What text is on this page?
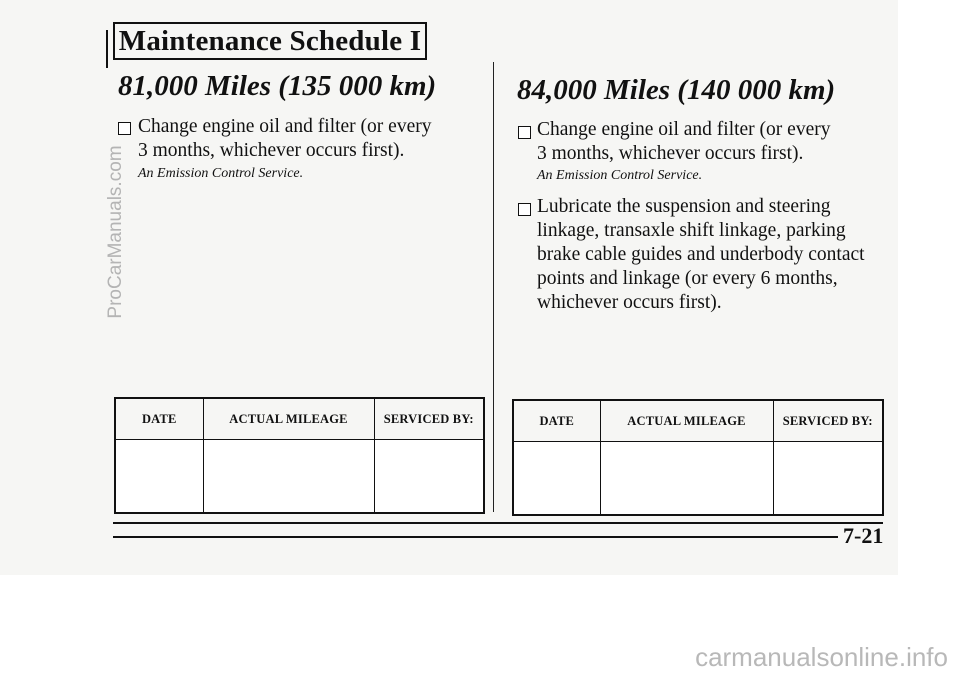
Maintenance Schedule I
81,000 Miles (135 000 km)
Change engine oil and filter (or every
3 months, whichever occurs first).
An Emission Control Service.
DATE	ACTUAL MILEAGE	SERVICED BY:

84,000 Miles (140 000 km)
Change engine oil and filter (or every
3 months, whichever occurs first).
An Emission Control Service.
Lubricate the suspension and steering
linkage, transaxle shift linkage, parking
brake cable guides and underbody contact
points and linkage (or every 6 months,
whichever occurs first).
DATE	ACTUAL MILEAGE	SERVICED BY:

7-21
ProCarManuals.com
carmanualsonline.info
